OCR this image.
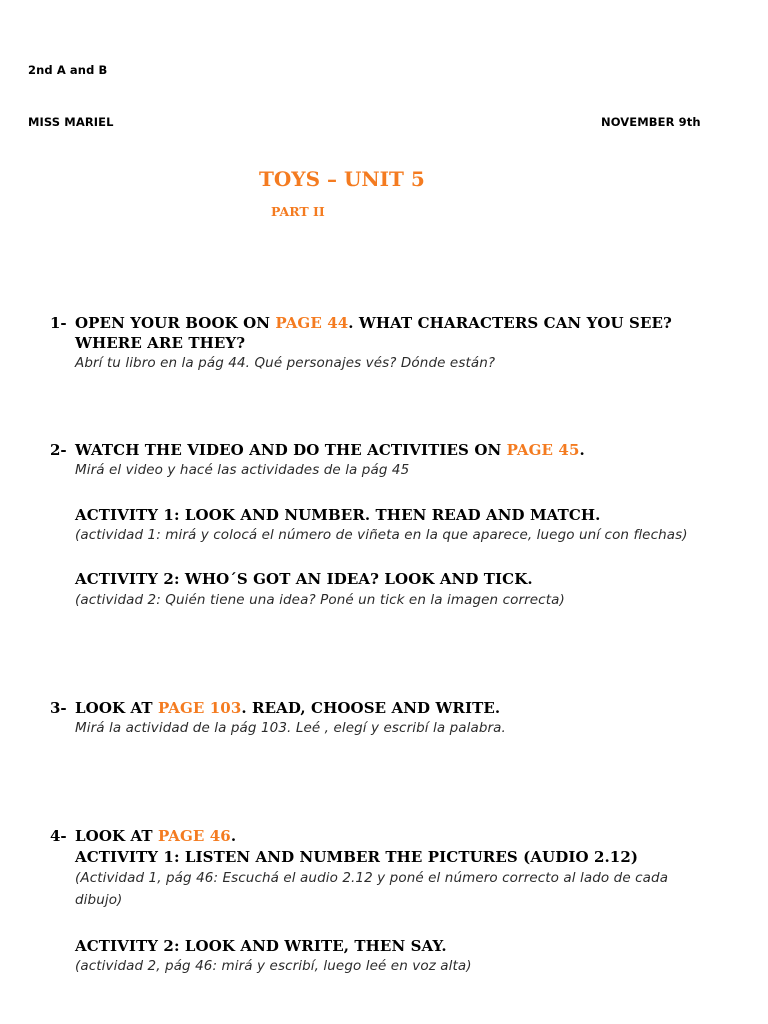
2nd A and B
MISS MARIEL	NOVEMBER 9th
TOYS – UNIT 5
PART II
1- OPEN YOUR BOOK ON PAGE 44. WHAT CHARACTERS CAN YOU SEE?
WHERE ARE THEY?
Abrí tu libro en la pág 44. Qué personajes vés? Dónde están?
2- WATCH THE VIDEO AND DO THE ACTIVITIES ON PAGE 45.
Mirá el video y hacé las actividades de la pág 45
ACTIVITY 1: LOOK AND NUMBER. THEN READ AND MATCH.
(actividad 1: mirá y colocá el número de viñeta en la que aparece, luego uní con flechas)
ACTIVITY 2: WHO´S GOT AN IDEA? LOOK AND TICK.
(actividad 2: Quién tiene una idea? Poné un tick en la imagen correcta)
3- LOOK AT PAGE 103. READ, CHOOSE AND WRITE.
Mirá la actividad de la pág 103. Leé , elegí y escribí la palabra.
4- LOOK AT PAGE 46.
ACTIVITY 1: LISTEN AND NUMBER THE PICTURES (AUDIO 2.12)
(Actividad 1, pág 46: Escuchá el audio 2.12 y poné el número correcto al lado de cada
dibujo)
ACTIVITY 2: LOOK AND WRITE, THEN SAY.
(actividad 2, pág 46: mirá y escribí, luego leé en voz alta)
